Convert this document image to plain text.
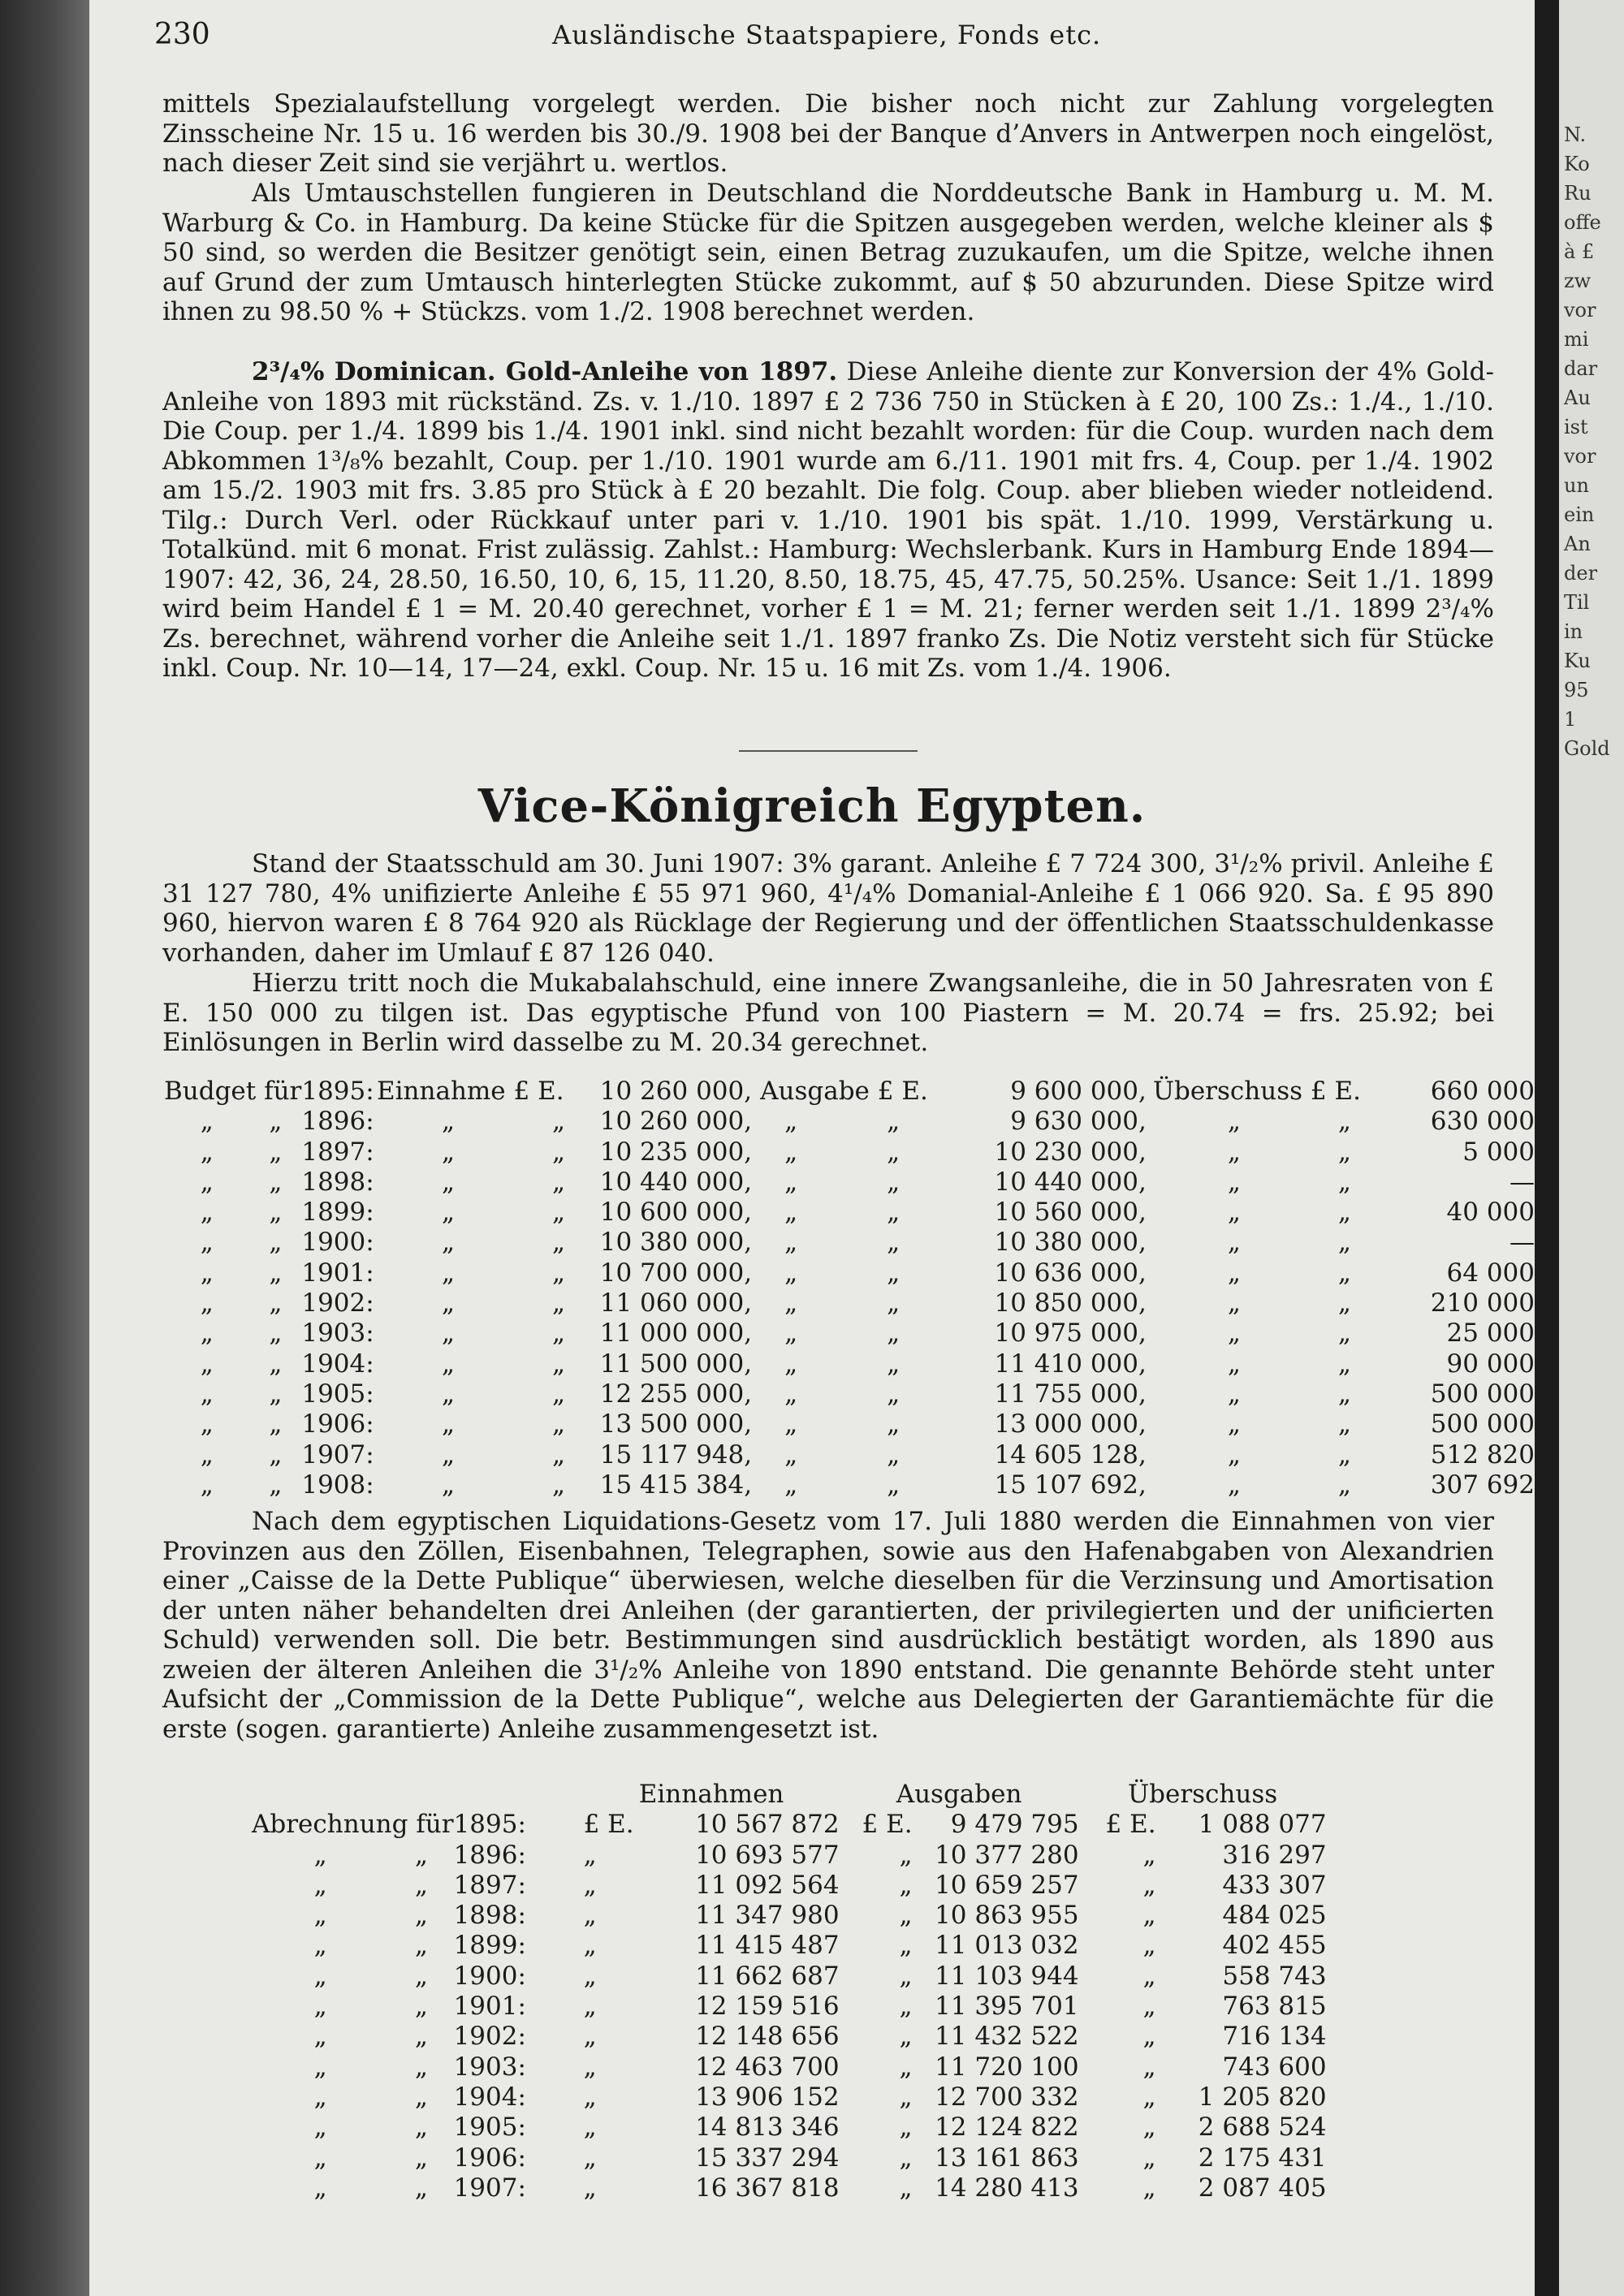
230	Ausländische Staatspapiere, Fonds etc.
mittels Spezialaufstellung vorgelegt werden. Die bisher noch nicht zur Zahlung vorgelegten Zinsscheine Nr. 15 u. 16 werden bis 30./9. 1908 bei der Banque d’Anvers in Antwerpen noch eingelöst, nach dieser Zeit sind sie verjährt u. wertlos.
Als Umtauschstellen fungieren in Deutschland die Norddeutsche Bank in Hamburg u. M. M. Warburg & Co. in Hamburg. Da keine Stücke für die Spitzen ausgegeben werden, welche kleiner als $ 50 sind, so werden die Besitzer genötigt sein, einen Betrag zuzukaufen, um die Spitze, welche ihnen auf Grund der zum Umtausch hinterlegten Stücke zukommt, auf $ 50 abzurunden. Diese Spitze wird ihnen zu 98.50 % + Stückzs. vom 1./2. 1908 berechnet werden.
2³/₄% Dominican. Gold-Anleihe von 1897. Diese Anleihe diente zur Konversion der 4% Gold-Anleihe von 1893 mit rückständ. Zs. v. 1./10. 1897 £ 2 736 750 in Stücken à £ 20, 100 Zs.: 1./4., 1./10. Die Coup. per 1./4. 1899 bis 1./4. 1901 inkl. sind nicht bezahlt worden: für die Coup. wurden nach dem Abkommen 1³/₈% bezahlt, Coup. per 1./10. 1901 wurde am 6./11. 1901 mit frs. 4, Coup. per 1./4. 1902 am 15./2. 1903 mit frs. 3.85 pro Stück à £ 20 bezahlt. Die folg. Coup. aber blieben wieder notleidend. Tilg.: Durch Verl. oder Rückkauf unter pari v. 1./10. 1901 bis spät. 1./10. 1999, Verstärkung u. Totalkünd. mit 6 monat. Frist zulässig. Zahlst.: Hamburg: Wechslerbank. Kurs in Hamburg Ende 1894—1907: 42, 36, 24, 28.50, 16.50, 10, 6, 15, 11.20, 8.50, 18.75, 45, 47.75, 50.25%. Usance: Seit 1./1. 1899 wird beim Handel £ 1 = M. 20.40 gerechnet, vorher £ 1 = M. 21; ferner werden seit 1./1. 1899 2³/₄% Zs. berechnet, während vorher die Anleihe seit 1./1. 1897 franko Zs. Die Notiz versteht sich für Stücke inkl. Coup. Nr. 10—14, 17—24, exkl. Coup. Nr. 15 u. 16 mit Zs. vom 1./4. 1906.
Vice-Königreich Egypten.
Stand der Staatsschuld am 30. Juni 1907: 3% garant. Anleihe £ 7 724 300, 3¹/₂% privil. Anleihe £ 31 127 780, 4% unifizierte Anleihe £ 55 971 960, 4¹/₄% Domanial-Anleihe £ 1 066 920. Sa. £ 95 890 960, hiervon waren £ 8 764 920 als Rücklage der Regierung und der öffentlichen Staatsschuldenkasse vorhanden, daher im Umlauf £ 87 126 040.
Hierzu tritt noch die Mukabalahschuld, eine innere Zwangsanleihe, die in 50 Jahresraten von £ E. 150 000 zu tilgen ist. Das egyptische Pfund von 100 Piastern = M. 20.74 = frs. 25.92; bei Einlösungen in Berlin wird dasselbe zu M. 20.34 gerechnet.
Budget für		1895:	Einnahme £ E.	10 260 000,	Ausgabe £ E.	9 600 000,	Überschuss £ E.	660 000
„	„	1896:	„ „	10 260 000,	„ „	9 630 000,	„ „	630 000
„	„	1897:	„ „	10 235 000,	„ „	10 230 000,	„ „	5 000
„	„	1898:	„ „	10 440 000,	„ „	10 440 000,	„ „	—
„	„	1899:	„ „	10 600 000,	„ „	10 560 000,	„ „	40 000
„	„	1900:	„ „	10 380 000,	„ „	10 380 000,	„ „	—
„	„	1901:	„ „	10 700 000,	„ „	10 636 000,	„ „	64 000
„	„	1902:	„ „	11 060 000,	„ „	10 850 000,	„ „	210 000
„	„	1903:	„ „	11 000 000,	„ „	10 975 000,	„ „	25 000
„	„	1904:	„ „	11 500 000,	„ „	11 410 000,	„ „	90 000
„	„	1905:	„ „	12 255 000,	„ „	11 755 000,	„ „	500 000
„	„	1906:	„ „	13 500 000,	„ „	13 000 000,	„ „	500 000
„	„	1907:	„ „	15 117 948,	„ „	14 605 128,	„ „	512 820
„	„	1908:	„ „	15 415 384,	„ „	15 107 692,	„ „	307 692
Nach dem egyptischen Liquidations-Gesetz vom 17. Juli 1880 werden die Einnahmen von vier Provinzen aus den Zöllen, Eisenbahnen, Telegraphen, sowie aus den Hafenabgaben von Alexandrien einer „Caisse de la Dette Publique“ überwiesen, welche dieselben für die Verzinsung und Amortisation der unten näher behandelten drei Anleihen (der garantierten, der privilegierten und der unificierten Schuld) verwenden soll. Die betr. Bestimmungen sind ausdrücklich bestätigt worden, als 1890 aus zweien der älteren Anleihen die 3¹/₂% Anleihe von 1890 entstand. Die genannte Behörde steht unter Aufsicht der „Commission de la Dette Publique“, welche aus Delegierten der Garantiemächte für die erste (sogen. garantierte) Anleihe zusammengesetzt ist.
			Einnahmen		Ausgaben		Überschuss	
Abrechnung für		1895:	£ E.	10 567 872	£ E.	9 479 795	£ E.	1 088 077
„	„	1896:	„	10 693 577	„	10 377 280	„	316 297
„	„	1897:	„	11 092 564	„	10 659 257	„	433 307
„	„	1898:	„	11 347 980	„	10 863 955	„	484 025
„	„	1899:	„	11 415 487	„	11 013 032	„	402 455
„	„	1900:	„	11 662 687	„	11 103 944	„	558 743
„	„	1901:	„	12 159 516	„	11 395 701	„	763 815
„	„	1902:	„	12 148 656	„	11 432 522	„	716 134
„	„	1903:	„	12 463 700	„	11 720 100	„	743 600
„	„	1904:	„	13 906 152	„	12 700 332	„	1 205 820
„	„	1905:	„	14 813 346	„	12 124 822	„	2 688 524
„	„	1906:	„	15 337 294	„	13 161 863	„	2 175 431
„	„	1907:	„	16 367 818	„	14 280 413	„	2 087 405
N.
Ko
Ru
offe
à £
zw
vor
mi
dar
Au
ist
vor
un
ein
An
der
Til
in
Ku
95
1
Gold
